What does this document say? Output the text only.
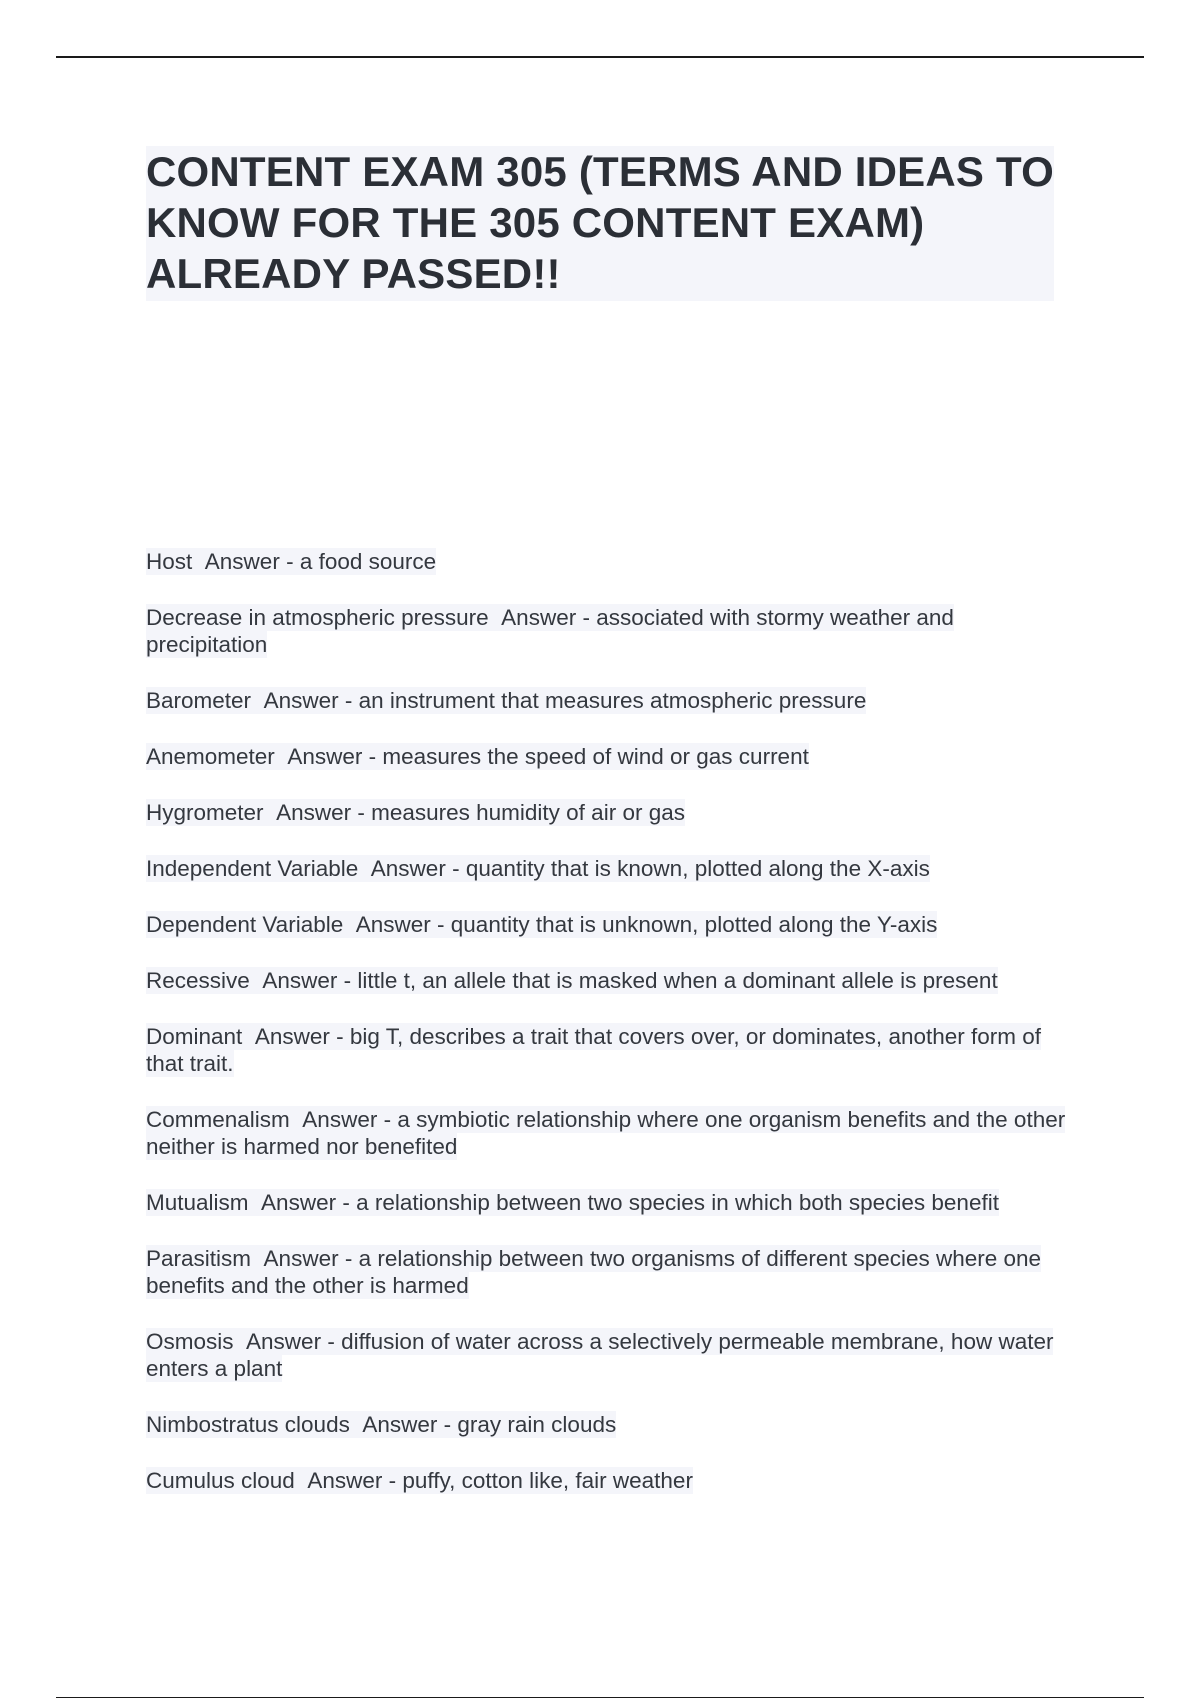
CONTENT EXAM 305 (TERMS AND IDEAS TO KNOW FOR THE 305 CONTENT EXAM) ALREADY PASSED!!
Host Answer - a food source
Decrease in atmospheric pressure Answer - associated with stormy weather and precipitation
Barometer Answer - an instrument that measures atmospheric pressure
Anemometer Answer - measures the speed of wind or gas current
Hygrometer Answer - measures humidity of air or gas
Independent Variable Answer - quantity that is known, plotted along the X-axis
Dependent Variable Answer - quantity that is unknown, plotted along the Y-axis
Recessive Answer - little t, an allele that is masked when a dominant allele is present
Dominant Answer - big T, describes a trait that covers over, or dominates, another form of that trait.
Commenalism Answer - a symbiotic relationship where one organism benefits and the other neither is harmed nor benefited
Mutualism Answer - a relationship between two species in which both species benefit
Parasitism Answer - a relationship between two organisms of different species where one benefits and the other is harmed
Osmosis Answer - diffusion of water across a selectively permeable membrane, how water enters a plant
Nimbostratus clouds Answer - gray rain clouds
Cumulus cloud Answer - puffy, cotton like, fair weather
